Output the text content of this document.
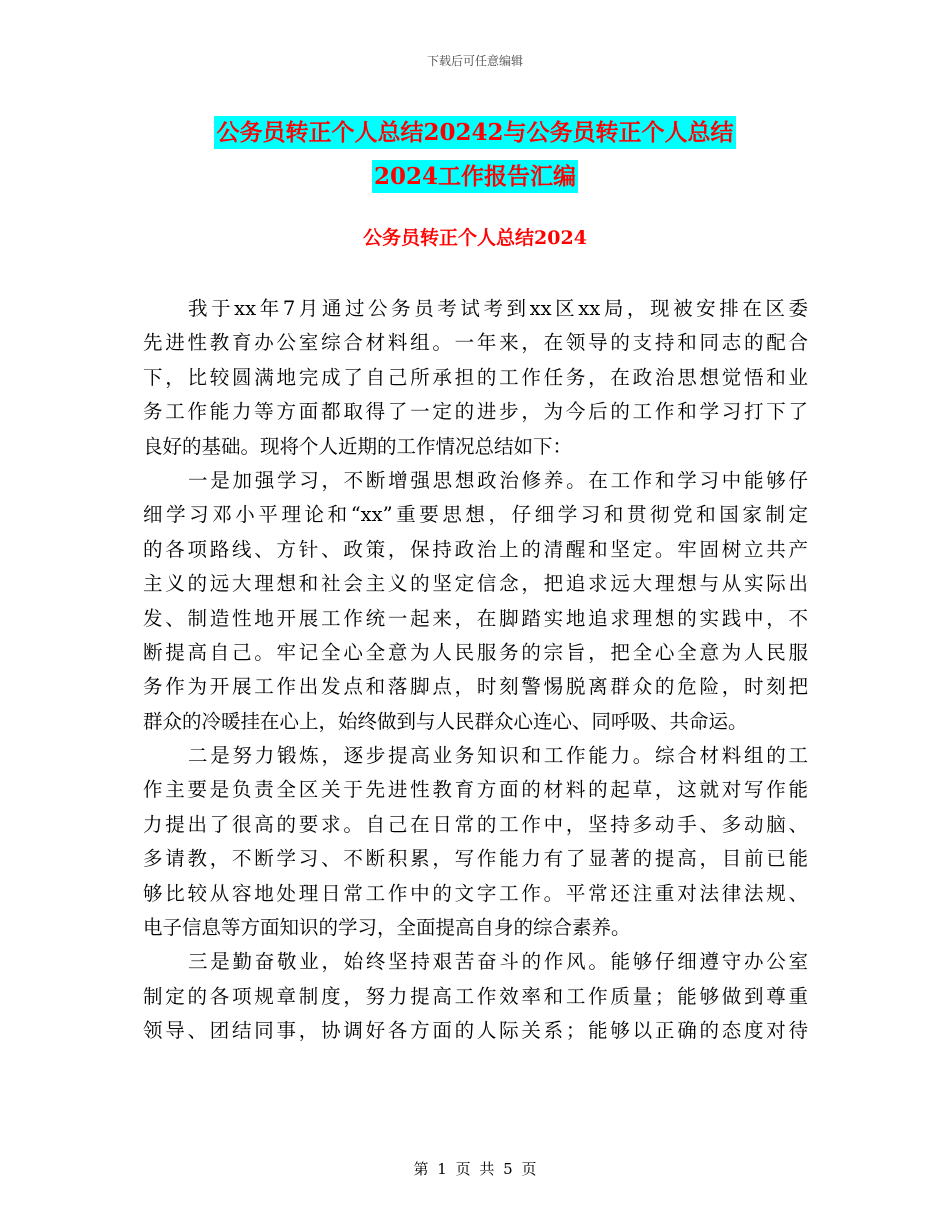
下载后可任意编辑
公务员转正个人总结20242与公务员转正个人总结
2024工作报告汇编
公务员转正个人总结2024
我于xx年7月通过公务员考试考到xx区xx局，现被安排在区委
先进性教育办公室综合材料组。一年来，在领导的支持和同志的配合
下，比较圆满地完成了自己所承担的工作任务，在政治思想觉悟和业
务工作能力等方面都取得了一定的进步，为今后的工作和学习打下了
良好的基础。现将个人近期的工作情况总结如下：
一是加强学习，不断增强思想政治修养。在工作和学习中能够仔
细学习邓小平理论和“xx”重要思想，仔细学习和贯彻党和国家制定
的各项路线、方针、政策，保持政治上的清醒和坚定。牢固树立共产
主义的远大理想和社会主义的坚定信念，把追求远大理想与从实际出
发、制造性地开展工作统一起来，在脚踏实地追求理想的实践中，不
断提高自己。牢记全心全意为人民服务的宗旨，把全心全意为人民服
务作为开展工作出发点和落脚点，时刻警惕脱离群众的危险，时刻把
群众的冷暖挂在心上，始终做到与人民群众心连心、同呼吸、共命运。
二是努力锻炼，逐步提高业务知识和工作能力。综合材料组的工
作主要是负责全区关于先进性教育方面的材料的起草，这就对写作能
力提出了很高的要求。自己在日常的工作中，坚持多动手、多动脑、
多请教，不断学习、不断积累，写作能力有了显著的提高，目前已能
够比较从容地处理日常工作中的文字工作。平常还注重对法律法规、
电子信息等方面知识的学习，全面提高自身的综合素养。
三是勤奋敬业，始终坚持艰苦奋斗的作风。能够仔细遵守办公室
制定的各项规章制度，努力提高工作效率和工作质量；能够做到尊重
领导、团结同事，协调好各方面的人际关系；能够以正确的态度对待
第 1 页 共 5 页
